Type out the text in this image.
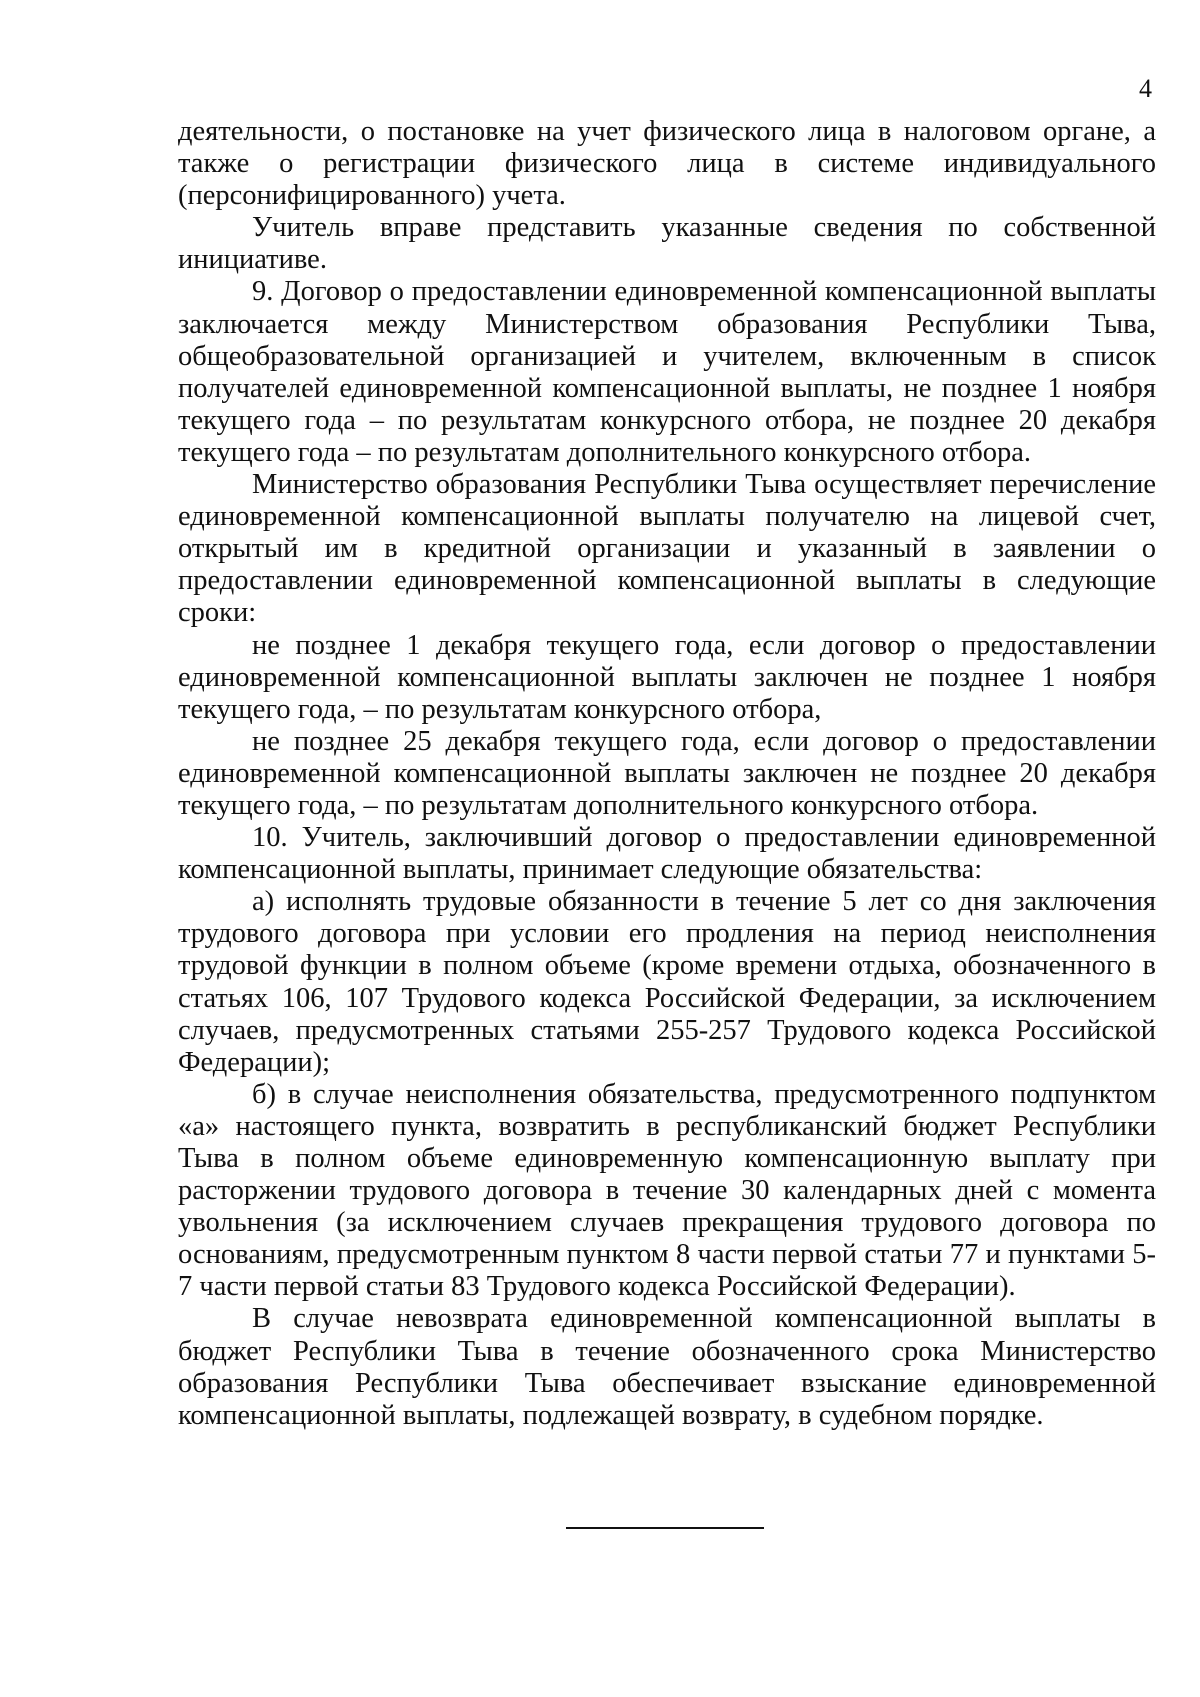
4

деятельности, о постановке на учет физического лица в налоговом органе, а также о регистрации физического лица в системе индивидуального (персонифицированного) учета.

Учитель вправе представить указанные сведения по собственной инициативе.

9. Договор о предоставлении единовременной компенсационной выплаты заключается между Министерством образования Республики Тыва, общеобразовательной организацией и учителем, включенным в список получателей единовременной компенсационной выплаты, не позднее 1 ноября текущего года – по результатам конкурсного отбора, не позднее 20 декабря текущего года – по результатам дополнительного конкурсного отбора.

Министерство образования Республики Тыва осуществляет перечисление единовременной компенсационной выплаты получателю на лицевой счет, открытый им в кредитной организации и указанный в заявлении о предоставлении единовременной компенсационной выплаты в следующие сроки:

не позднее 1 декабря текущего года, если договор о предоставлении единовременной компенсационной выплаты заключен не позднее 1 ноября текущего года, – по результатам конкурсного отбора,

не позднее 25 декабря текущего года, если договор о предоставлении единовременной компенсационной выплаты заключен не позднее 20 декабря текущего года, – по результатам дополнительного конкурсного отбора.

10. Учитель, заключивший договор о предоставлении единовременной компенсационной выплаты, принимает следующие обязательства:

а) исполнять трудовые обязанности в течение 5 лет со дня заключения трудового договора при условии его продления на период неисполнения трудовой функции в полном объеме (кроме времени отдыха, обозначенного в статьях 106, 107 Трудового кодекса Российской Федерации, за исключением случаев, предусмотренных статьями 255-257 Трудового кодекса Российской Федерации);

б) в случае неисполнения обязательства, предусмотренного подпунктом «а» настоящего пункта, возвратить в республиканский бюджет Республики Тыва в полном объеме единовременную компенсационную выплату при расторжении трудового договора в течение 30 календарных дней с момента увольнения (за исключением случаев прекращения трудового договора по основаниям, предусмотренным пунктом 8 части первой статьи 77 и пунктами 5-7 части первой статьи 83 Трудового кодекса Российской Федерации).

В случае невозврата единовременной компенсационной выплаты в бюджет Республики Тыва в течение обозначенного срока Министерство образования Республики Тыва обеспечивает взыскание единовременной компенсационной выплаты, подлежащей возврату, в судебном порядке.
